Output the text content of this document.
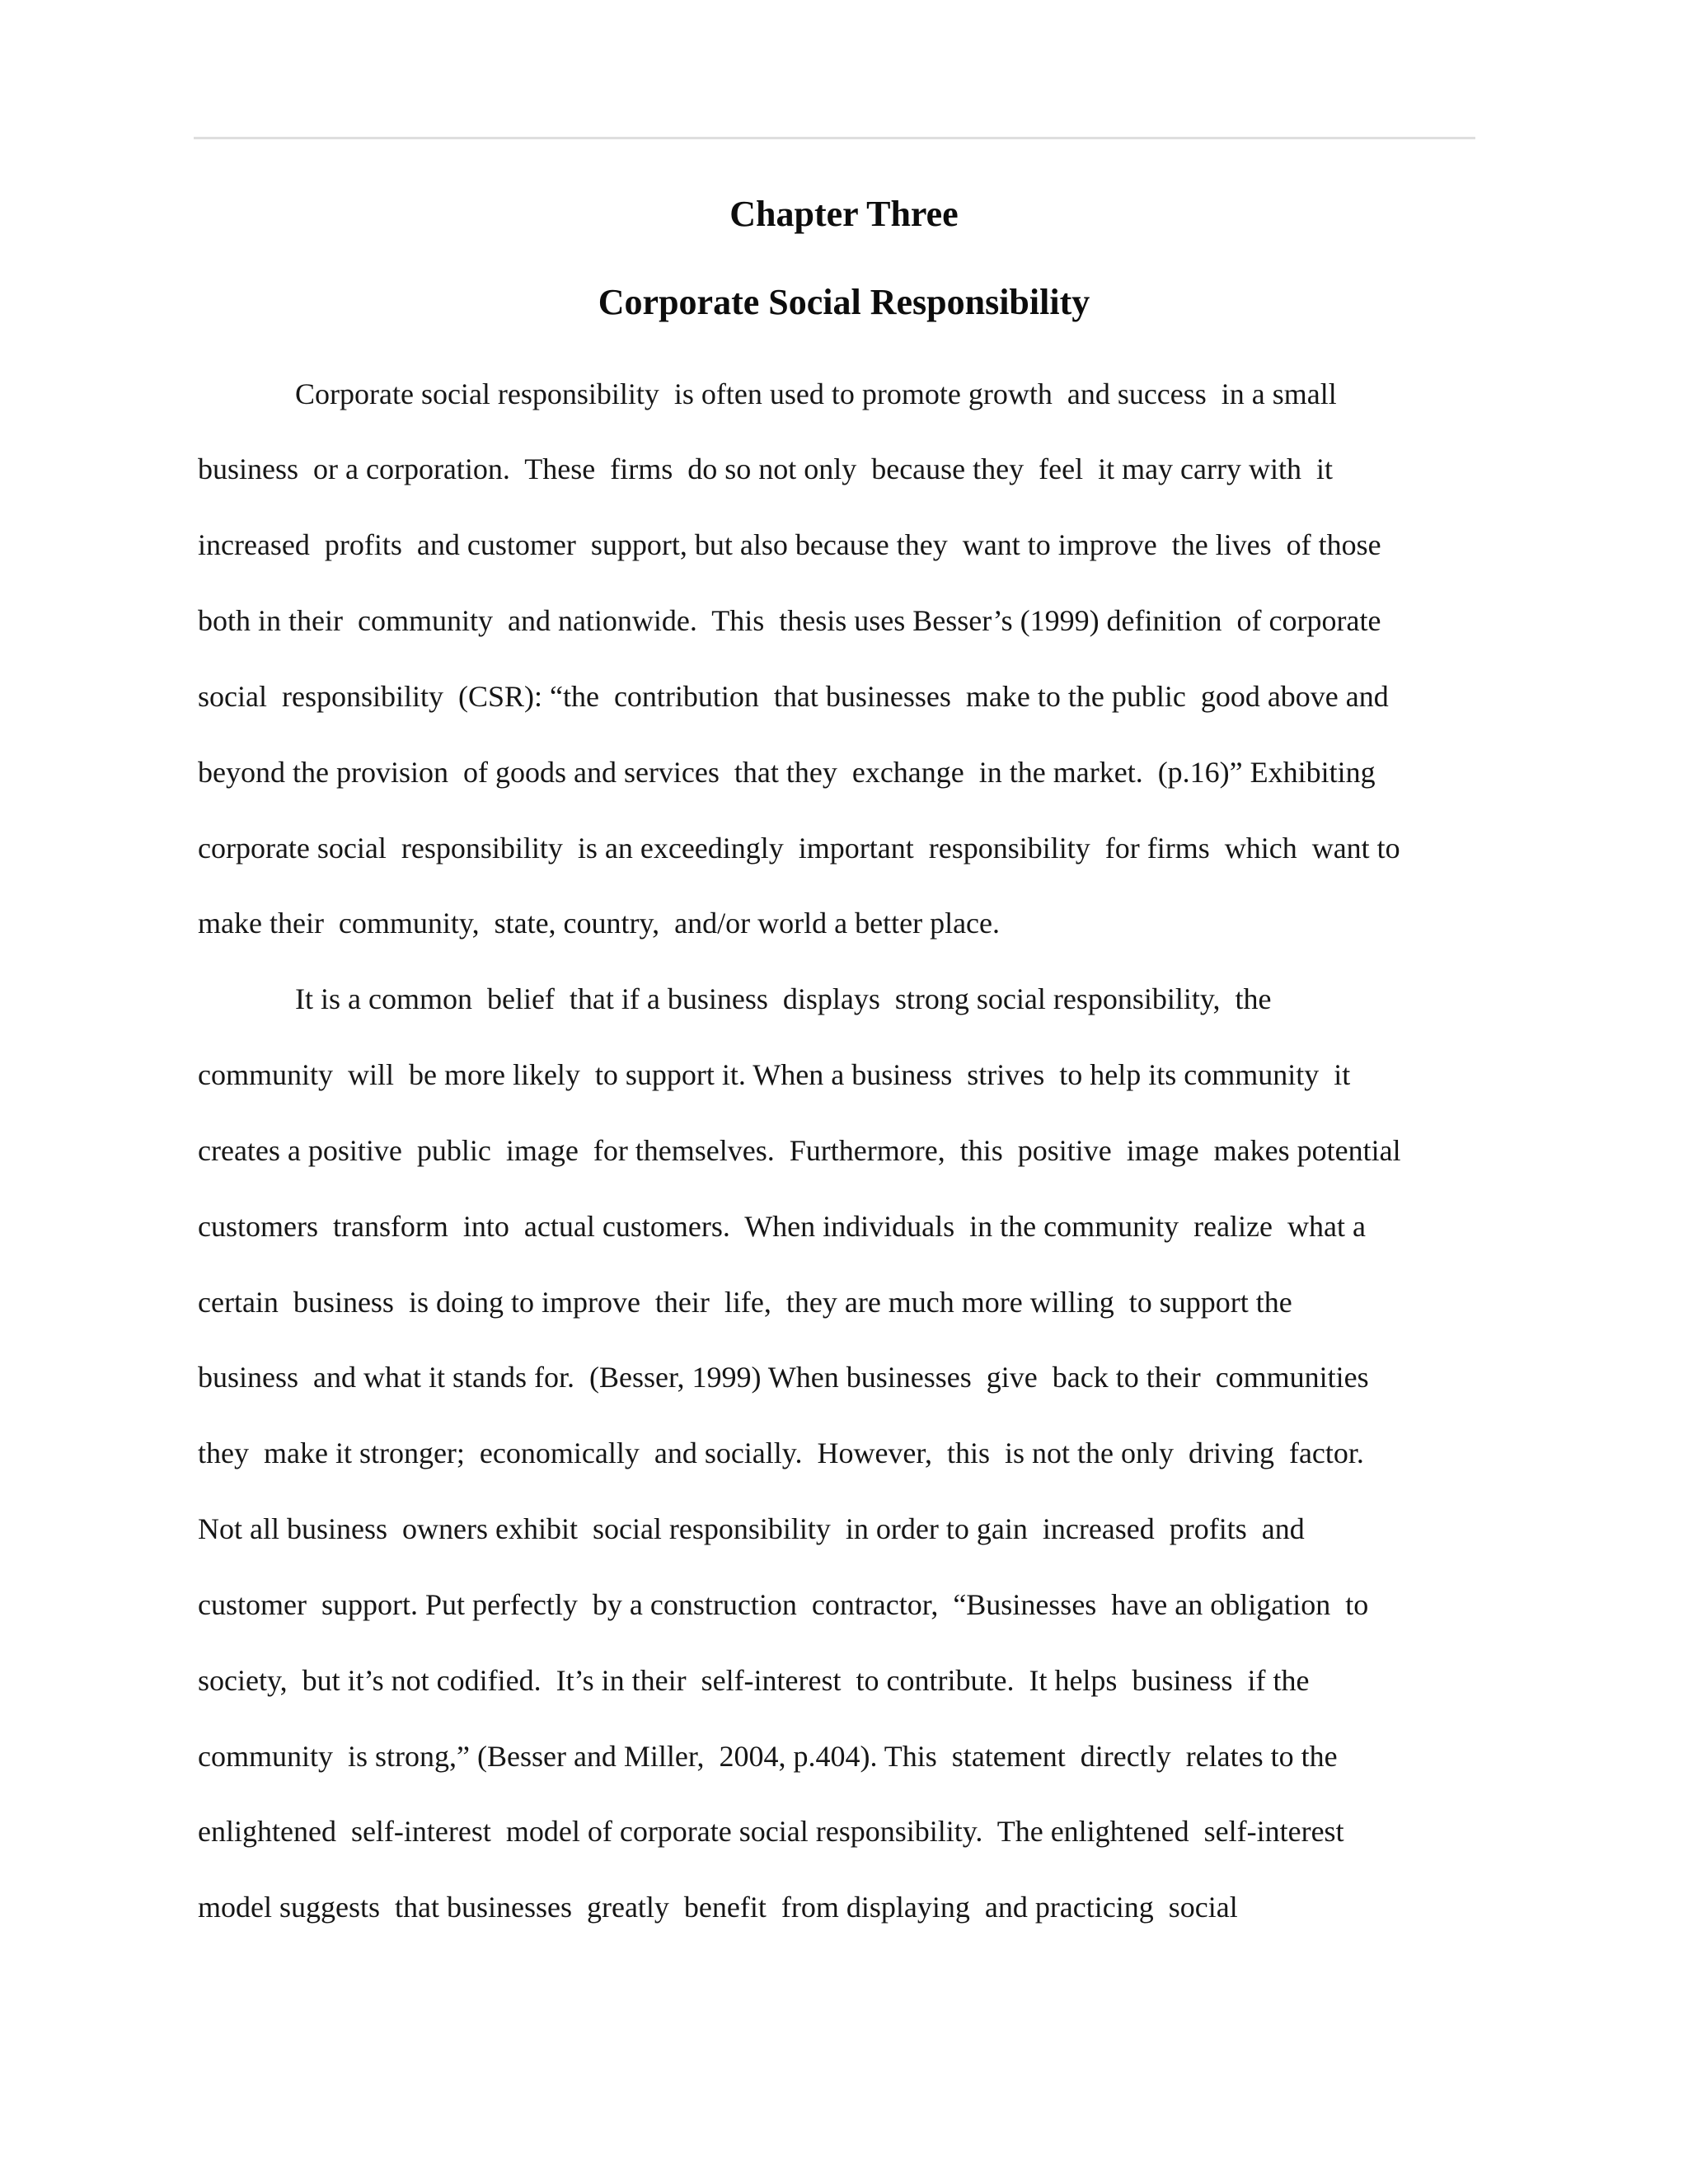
Chapter Three
Corporate Social Responsibility
Corporate social responsibility  is often used to promote growth  and success  in a small
business  or a corporation.  These  firms  do so not only  because they  feel  it may carry with  it
increased  profits  and customer  support, but also because they  want to improve  the lives  of those
both in their  community  and nationwide.  This  thesis uses Besser’s (1999) definition  of corporate
social  responsibility  (CSR): “the  contribution  that businesses  make to the public  good above and
beyond the provision  of goods and services  that they  exchange  in the market.  (p.16)” Exhibiting
corporate social  responsibility  is an exceedingly  important  responsibility  for firms  which  want to
make their  community,  state, country,  and/or world a better place.
It is a common  belief  that if a business  displays  strong social responsibility,  the
community  will  be more likely  to support it. When a business  strives  to help its community  it
creates a positive  public  image  for themselves.  Furthermore,  this  positive  image  makes potential
customers  transform  into  actual customers.  When individuals  in the community  realize  what a
certain  business  is doing to improve  their  life,  they are much more willing  to support the
business  and what it stands for.  (Besser, 1999) When businesses  give  back to their  communities
they  make it stronger;  economically  and socially.  However,  this  is not the only  driving  factor.
Not all business  owners exhibit  social responsibility  in order to gain  increased  profits  and
customer  support. Put perfectly  by a construction  contractor,  “Businesses  have an obligation  to
society,  but it’s not codified.  It’s in their  self-interest  to contribute.  It helps  business  if the
community  is strong,” (Besser and Miller,  2004, p.404). This  statement  directly  relates to the
enlightened  self-interest  model of corporate social responsibility.  The enlightened  self-interest
model suggests  that businesses  greatly  benefit  from displaying  and practicing  social
